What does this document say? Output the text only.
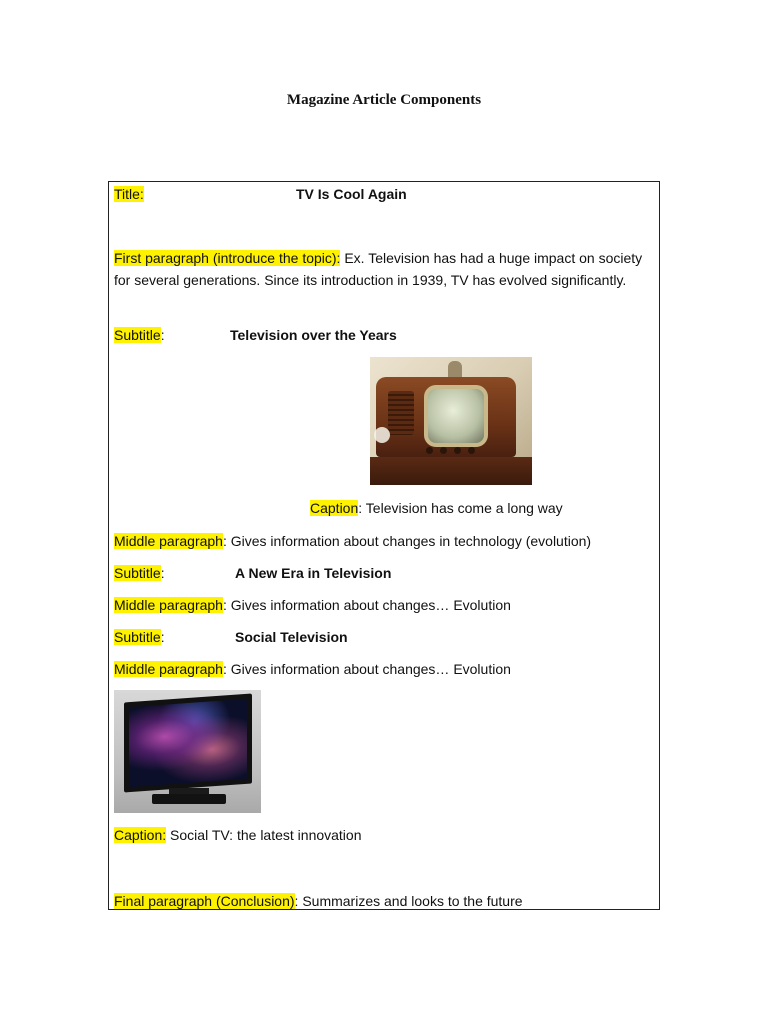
Magazine Article Components
Title:	TV Is Cool Again
First paragraph (introduce the topic): Ex. Television has had a huge impact on society for several generations. Since its introduction in 1939, TV has evolved significantly.
Subtitle:	Television over the Years
Caption: Television has come a long way
Middle paragraph: Gives information about changes in technology (evolution)
Subtitle:	A New Era in Television
Middle paragraph: Gives information about changes… Evolution
Subtitle:	Social Television
Middle paragraph: Gives information about changes… Evolution
Caption: Social TV: the latest innovation
Final paragraph (Conclusion): Summarizes and looks to the future
